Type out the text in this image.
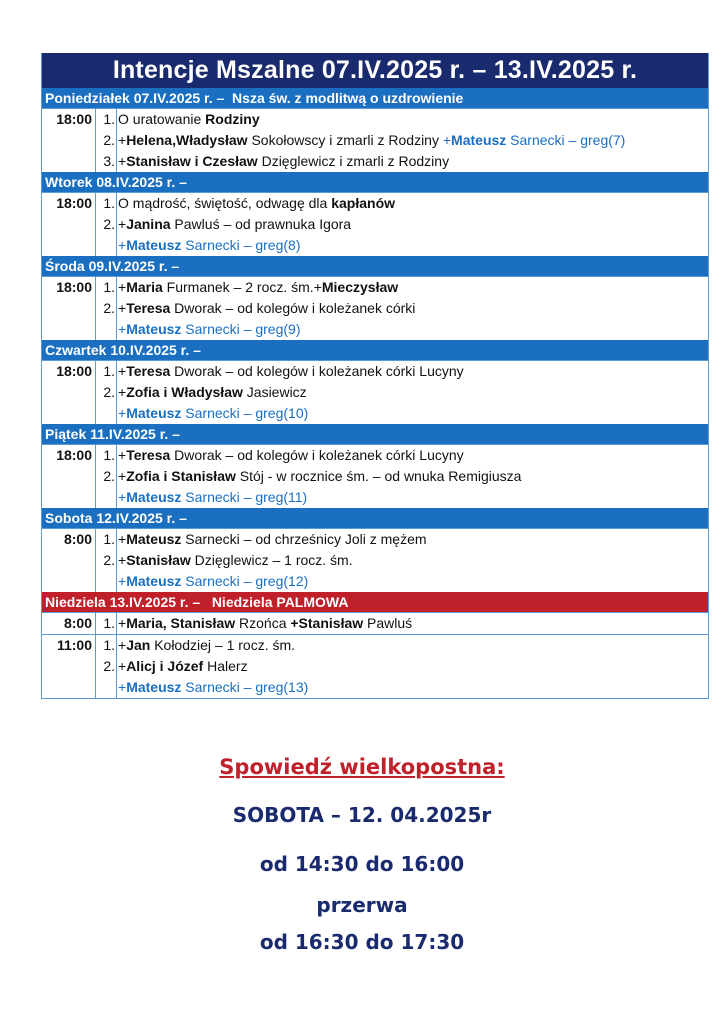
Intencje Mszalne 07.IV.2025 r. – 13.IV.2025 r.
Poniedziałek 07.IV.2025 r. –  Nsza św. z modlitwą o uzdrowienie
18:00 1.
2.
3.
O uratowanie Rodziny
+Helena,Władysław Sokołowscy i zmarli z Rodziny +Mateusz Sarnecki – greg(7)
+Stanisław i Czesław Dzięglewicz i zmarli z Rodziny
Wtorek 08.IV.2025 r. –
18:00 1.
2.
O mądrość, świętość, odwagę dla kapłanów
+Janina Pawluś – od prawnuka Igora
+Mateusz Sarnecki – greg(8)
Środa 09.IV.2025 r. –
18:00 1.
2.
+Maria Furmanek – 2 rocz. śm.+Mieczysław
+Teresa Dworak – od kolegów i koleżanek córki
+Mateusz Sarnecki – greg(9)
Czwartek 10.IV.2025 r. –
18:00 1.
2.
+Teresa Dworak – od kolegów i koleżanek córki Lucyny
+Zofia i Władysław Jasiewicz
+Mateusz Sarnecki – greg(10)
Piątek 11.IV.2025 r. –
18:00 1.
2.
+Teresa Dworak – od kolegów i koleżanek córki Lucyny
+Zofia i Stanisław Stój - w rocznice śm. – od wnuka Remigiusza
+Mateusz Sarnecki – greg(11)
Sobota 12.IV.2025 r. –
8:00 1.
2.
+Mateusz Sarnecki – od chrześnicy Joli z mężem
+Stanisław Dzięglewicz – 1 rocz. śm.
+Mateusz Sarnecki – greg(12)
Niedziela 13.IV.2025 r. –   Niedziela PALMOWA
8:00 1. +Maria, Stanisław Rzońca +Stanisław Pawluś
11:00 1.
2.
+Jan Kołodziej – 1 rocz. śm.
+Alicj i Józef Halerz
+Mateusz Sarnecki – greg(13)
Spowiedź wielkopostna:
SOBOTA – 12. 04.2025r
od 14:30 do 16:00
przerwa
od 16:30 do 17:30
